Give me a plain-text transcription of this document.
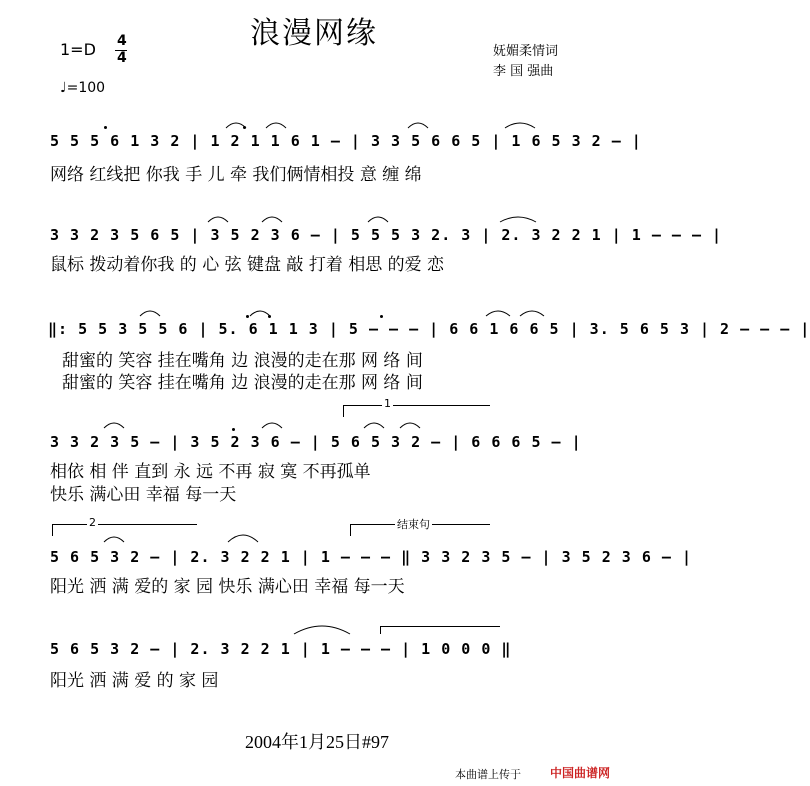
浪漫网缘
1=D 4
4
♩=100
妩媚柔情词
李 国 强曲
5 5 5 6 1 3 2 | 1 2 1 1 6 1 – | 3 3 5 6 6 5 | 1 6 5 3 2 – |
网络 红线把 你我 手 儿 牵 我们俩情相投 意 缠 绵
3 3 2 3 5 6 5 | 3 5 2 3 6 – | 5 5 5 3 2. 3 | 2. 3 2 2 1 | 1 – – – |
鼠标 拨动着你我 的 心 弦 键盘 敲 打着 相思 的爱 恋
‖: 5 5 3 5 5 6 | 5. 6 1 1 3 | 5 – – – | 6 6 1 6 6 5 | 3. 5 6 5 3 | 2 – – – |
甜蜜的 笑容 挂在嘴角 边 浪漫的走在那 网 络 间
甜蜜的 笑容 挂在嘴角 边 浪漫的走在那 网 络 间
1
3 3 2 3 5 – | 3 5 2 3 6 – | 5 6 5 3 2 – | 6 6 6 5 – |
相依 相 伴 直到 永 远 不再 寂 寞 不再孤单
快乐 满心田 幸福 每一天
2	结束句
5 6 5 3 2 – | 2. 3 2 2 1 | 1 – – – ‖ 3 3 2 3 5 – | 3 5 2 3 6 – |
阳光 洒 满 爱的 家 园 快乐 满心田 幸福 每一天
5 6 5 3 2 – | 2. 3 2 2 1 | 1 – – – | 1 0 0 0 ‖
阳光 洒 满 爱 的 家 园
2004年1月25日#97
本曲谱上传于 中国曲谱网
